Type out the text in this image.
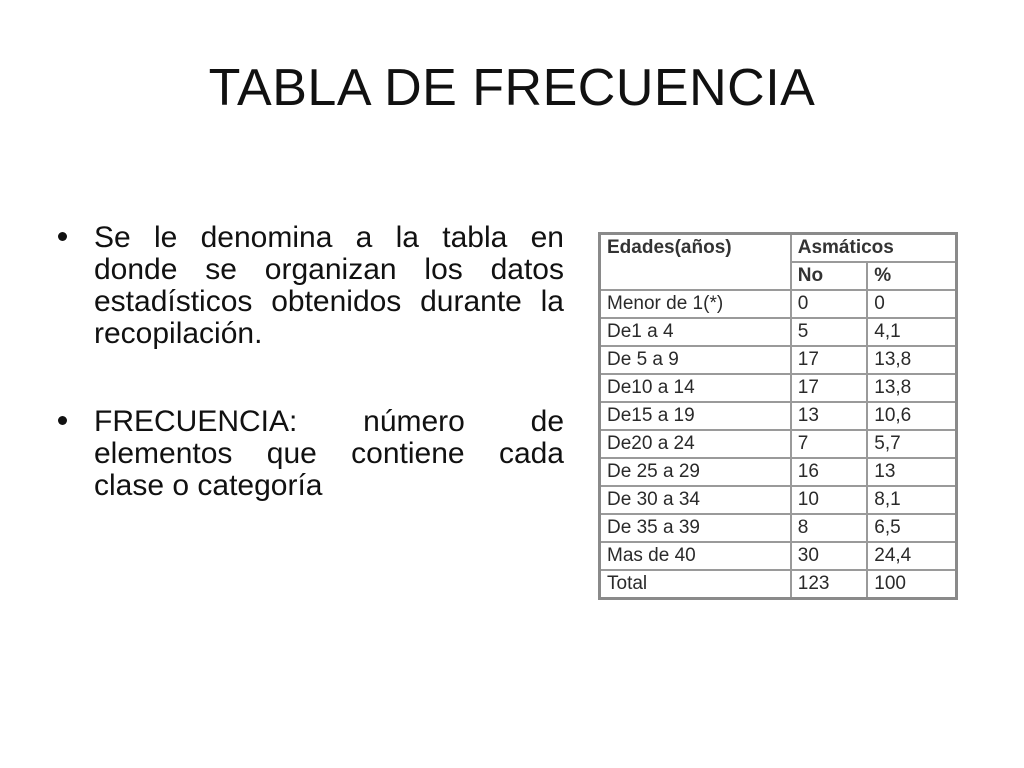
TABLA DE FRECUENCIA
Se le denomina a la tabla en donde se organizan los datos estadísticos obtenidos durante la recopilación.
FRECUENCIA: número de elementos que contiene cada clase o categoría
Edades(años)	Asmáticos	
	No	%
Menor de 1(*)	0	0
De1 a 4	5	4,1
De 5 a 9	17	13,8
De10 a 14	17	13,8
De15 a 19	13	10,6
De20 a 24	7	5,7
De 25 a 29	16	13
De 30 a 34	10	8,1
De 35 a 39	8	6,5
Mas de 40	30	24,4
Total	123	100
